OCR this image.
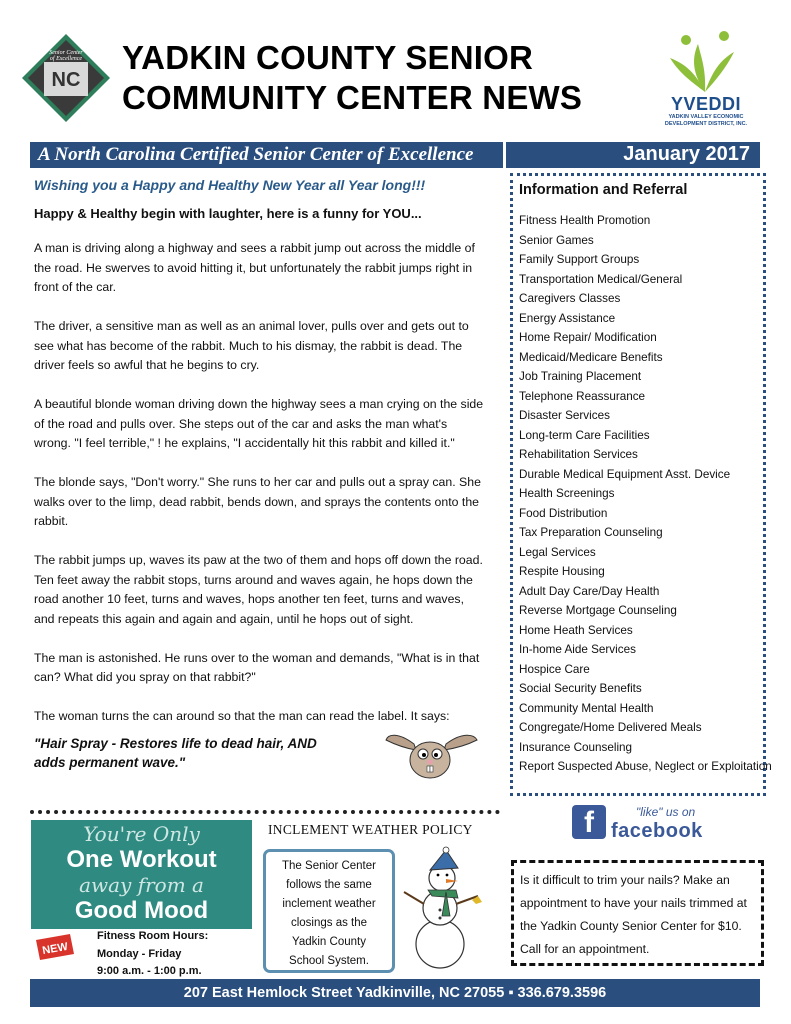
NC
Senior Center
of Excellence YADKIN COUNTY SENIOR
COMMUNITY CENTER NEWS	YVEDDI
YADKIN VALLEY ECONOMIC DEVELOPMENT DISTRICT, INC.
A North Carolina Certified Senior Center of Excellence	January 2017
Wishing you a Happy and Healthy New Year all Year long!!!
Happy & Healthy begin with laughter, here is a funny for YOU...

A man is driving along a highway and sees a rabbit jump out across the middle of the road. He swerves to avoid hitting it, but unfortunately the rabbit jumps right in front of the car.

The driver, a sensitive man as well as an animal lover, pulls over and gets out to see what has become of the rabbit. Much to his dismay, the rabbit is dead. The driver feels so awful that he begins to cry.

A beautiful blonde woman driving down the highway sees a man crying on the side of the road and pulls over. She steps out of the car and asks the man what's wrong. "I feel terrible," ! he explains, "I accidentally hit this rabbit and killed it."

The blonde says, "Don't worry." She runs to her car and pulls out a spray can. She walks over to the limp, dead rabbit, bends down, and sprays the contents onto the rabbit.

The rabbit jumps up, waves its paw at the two of them and hops off down the road. Ten feet away the rabbit stops, turns around and waves again, he hops down the road another 10 feet, turns and waves, hops another ten feet, turns and waves, and repeats this again and again and again, until he hops out of sight.

The man is astonished. He runs over to the woman and demands, "What is in that can? What did you spray on that rabbit?"

The woman turns the can around so that the man can read the label. It says:

"Hair Spray - Restores life to dead hair, AND
adds permanent wave."
Information and Referral
Fitness Health Promotion
Senior Games
Family Support Groups
Transportation Medical/General
Caregivers Classes
Energy Assistance
Home Repair/ Modification
Medicaid/Medicare Benefits
Job Training Placement
Telephone Reassurance
Disaster Services
Long-term Care Facilities
Rehabilitation Services
Durable Medical Equipment Asst. Device
Health Screenings
Food Distribution
Tax Preparation Counseling
Legal Services
Respite Housing
Adult Day Care/Day Health
Reverse Mortgage Counseling
Home Heath Services
In-home Aide Services
Hospice Care
Social Security Benefits
Community Mental Health
Congregate/Home Delivered Meals
Insurance Counseling
Report Suspected Abuse, Neglect or Exploitation
You're Only
One Workout
away from a
Good Mood
NEW
Fitness Room Hours:
Monday - Friday
9:00 a.m. - 1:00 p.m.
INCLEMENT WEATHER POLICY
The Senior Center
follows the same
inclement weather
closings as the
Yadkin County
School System.
f	"like" us on
facebook
Is it difficult to trim your nails? Make an appointment to have your nails trimmed at the Yadkin County Senior Center for $10. Call for an appointment.
207 East Hemlock Street Yadkinville, NC 27055 ▪ 336.679.3596
